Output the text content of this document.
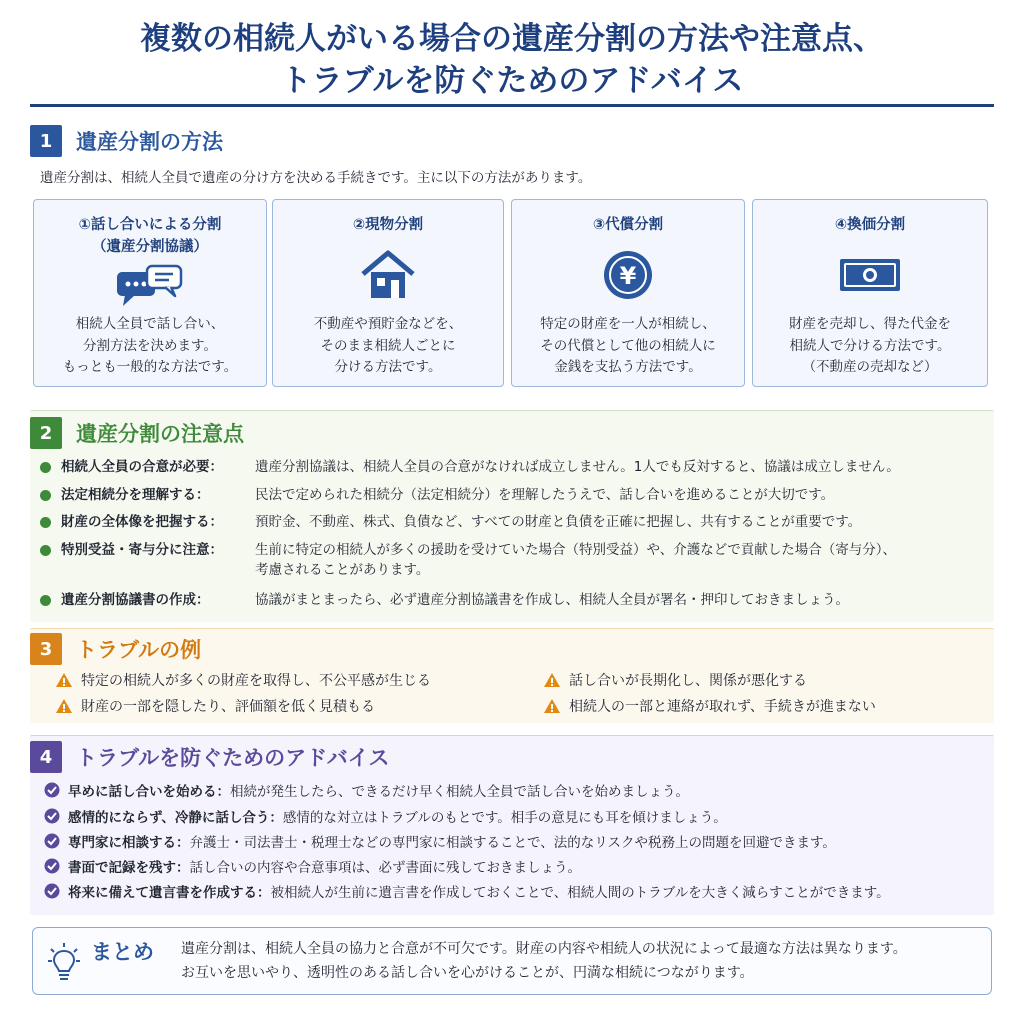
複数の相続人がいる場合の遺産分割の方法や注意点、
トラブルを防ぐためのアドバイス
1	遺産分割の方法
遺産分割は、相続人全員で遺産の分け方を決める手続きです。主に以下の方法があります。
①話し合いによる分割
（遺産分割協議）
相続人全員で話し合い、
分割方法を決めます。
もっとも一般的な方法です。
②現物分割
不動産や預貯金などを、
そのまま相続人ごとに
分ける方法です。
③代償分割
¥
特定の財産を一人が相続し、
その代償として他の相続人に
金銭を支払う方法です。
④換価分割
財産を売却し、得た代金を
相続人で分ける方法です。
（不動産の売却など）
2	遺産分割の注意点
相続人全員の合意が必要：	遺産分割協議は、相続人全員の合意がなければ成立しません。1人でも反対すると、協議は成立しません。
法定相続分を理解する：	民法で定められた相続分（法定相続分）を理解したうえで、話し合いを進めることが大切です。
財産の全体像を把握する：	預貯金、不動産、株式、負債など、すべての財産と負債を正確に把握し、共有することが重要です。
特別受益・寄与分に注意：	生前に特定の相続人が多くの援助を受けていた場合（特別受益）や、介護などで貢献した場合（寄与分）、
考慮されることがあります。
遺産分割協議書の作成：	協議がまとまったら、必ず遺産分割協議書を作成し、相続人全員が署名・押印しておきましょう。
3	トラブルの例
特定の相続人が多くの財産を取得し、不公平感が生じる	話し合いが長期化し、関係が悪化する
財産の一部を隠したり、評価額を低く見積もる	相続人の一部と連絡が取れず、手続きが進まない
4	トラブルを防ぐためのアドバイス
早めに話し合いを始める： 相続が発生したら、できるだけ早く相続人全員で話し合いを始めましょう。
感情的にならず、冷静に話し合う： 感情的な対立はトラブルのもとです。相手の意見にも耳を傾けましょう。
専門家に相談する： 弁護士・司法書士・税理士などの専門家に相談することで、法的なリスクや税務上の問題を回避できます。
書面で記録を残す： 話し合いの内容や合意事項は、必ず書面に残しておきましょう。
将来に備えて遺言書を作成する： 被相続人が生前に遺言書を作成しておくことで、相続人間のトラブルを大きく減らすことができます。
まとめ 遺産分割は、相続人全員の協力と合意が不可欠です。財産の内容や相続人の状況によって最適な方法は異なります。
お互いを思いやり、透明性のある話し合いを心がけることが、円満な相続につながります。
